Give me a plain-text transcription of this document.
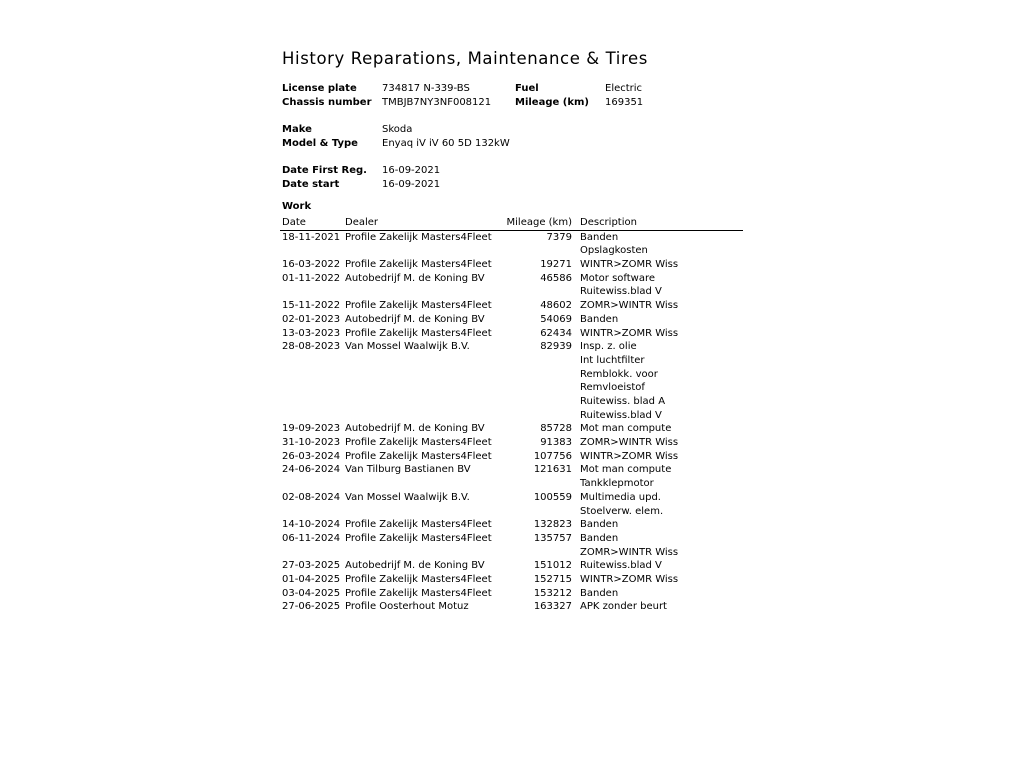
History Reparations, Maintenance & Tires
License plate	734817 N-339-BS	Fuel	Electric
Chassis number TMBJB7NY3NF008121 Mileage (km) 169351
Make	Skoda
Model & Type Enyaq iV iV 60 5D 132kW
Date First Reg. 16-09-2021
Date start	16-09-2021
Work
Date	Dealer	Mileage (km) Description
18-11-2021 Profile Zakelijk Masters4Fleet	7379 Banden
Opslagkosten
16-03-2022 Profile Zakelijk Masters4Fleet	19271 WINTR>ZOMR Wiss
01-11-2022 Autobedrijf M. de Koning BV	46586 Motor software
Ruitewiss.blad V
15-11-2022 Profile Zakelijk Masters4Fleet	48602 ZOMR>WINTR Wiss
02-01-2023 Autobedrijf M. de Koning BV	54069 Banden
13-03-2023 Profile Zakelijk Masters4Fleet	62434 WINTR>ZOMR Wiss
28-08-2023 Van Mossel Waalwijk B.V.	82939 Insp. z. olie
Int luchtfilter
Remblokk. voor
Remvloeistof
Ruitewiss. blad A
Ruitewiss.blad V
19-09-2023 Autobedrijf M. de Koning BV	85728 Mot man compute
31-10-2023 Profile Zakelijk Masters4Fleet	91383 ZOMR>WINTR Wiss
26-03-2024 Profile Zakelijk Masters4Fleet	107756 WINTR>ZOMR Wiss
24-06-2024 Van Tilburg Bastianen BV	121631 Mot man compute
Tankklepmotor
02-08-2024 Van Mossel Waalwijk B.V.	100559 Multimedia upd.
Stoelverw. elem.
14-10-2024 Profile Zakelijk Masters4Fleet	132823 Banden
06-11-2024 Profile Zakelijk Masters4Fleet	135757 Banden
ZOMR>WINTR Wiss
27-03-2025 Autobedrijf M. de Koning BV	151012 Ruitewiss.blad V
01-04-2025 Profile Zakelijk Masters4Fleet	152715 WINTR>ZOMR Wiss
03-04-2025 Profile Zakelijk Masters4Fleet	153212 Banden
27-06-2025 Profile Oosterhout Motuz	163327 APK zonder beurt
